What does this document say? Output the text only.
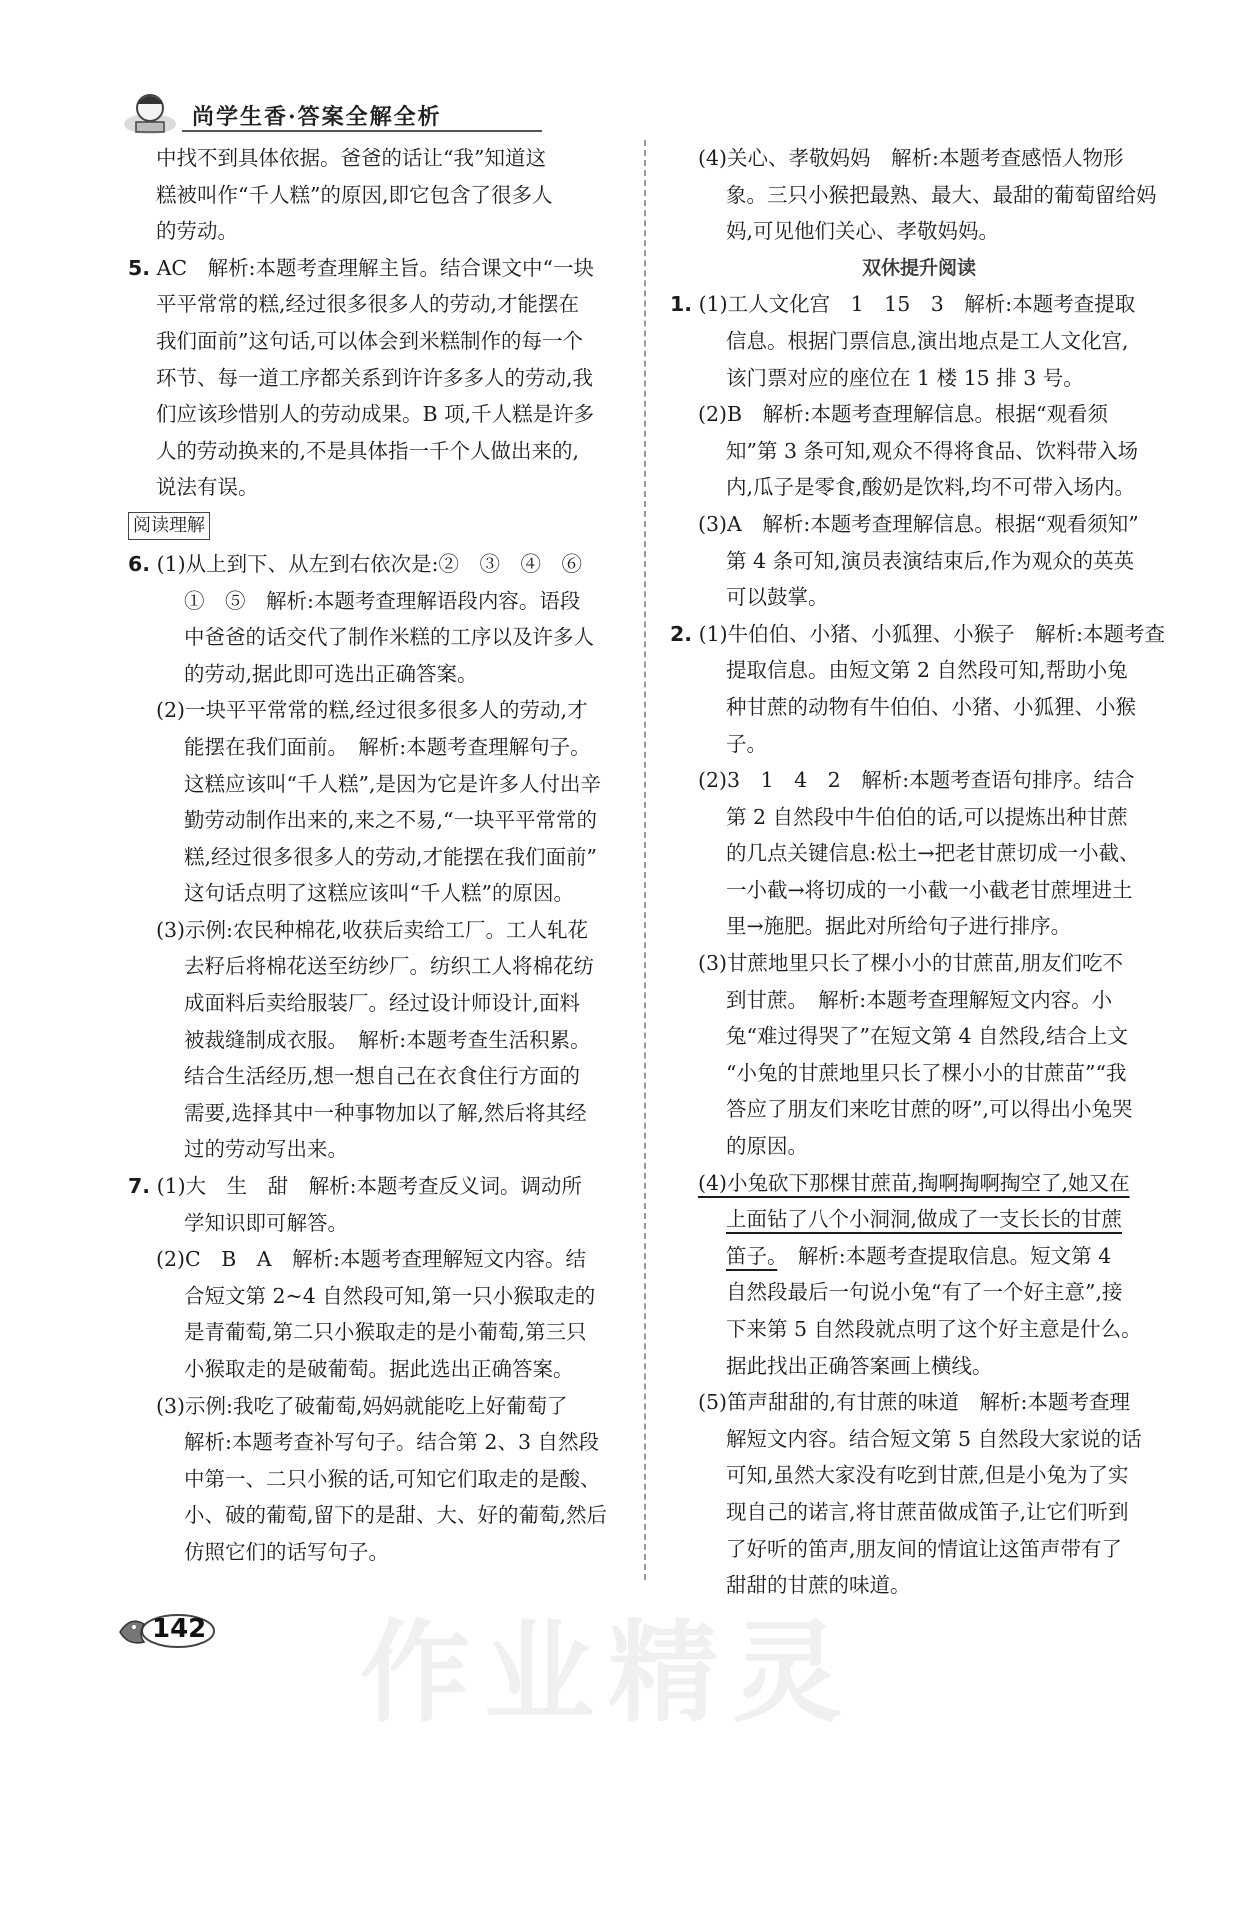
尚学生香·答案全解全析
中找不到具体依据。爸爸的话让“我”知道这
糕被叫作“千人糕”的原因,即它包含了很多人
的劳动。
5. AC　解析:本题考查理解主旨。结合课文中“一块
平平常常的糕,经过很多很多人的劳动,才能摆在
我们面前”这句话,可以体会到米糕制作的每一个
环节、每一道工序都关系到许许多多人的劳动,我
们应该珍惜别人的劳动成果。B 项,千人糕是许多
人的劳动换来的,不是具体指一千个人做出来的,
说法有误。
阅读理解
6. (1)从上到下、从左到右依次是:②　③　④　⑥
①　⑤　解析:本题考查理解语段内容。语段
中爸爸的话交代了制作米糕的工序以及许多人
的劳动,据此即可选出正确答案。
(2)一块平平常常的糕,经过很多很多人的劳动,才
能摆在我们面前。　解析:本题考查理解句子。
这糕应该叫“千人糕”,是因为它是许多人付出辛
勤劳动制作出来的,来之不易,“一块平平常常的
糕,经过很多很多人的劳动,才能摆在我们面前”
这句话点明了这糕应该叫“千人糕”的原因。
(3)示例:农民种棉花,收获后卖给工厂。工人轧花
去籽后将棉花送至纺纱厂。纺织工人将棉花纺
成面料后卖给服装厂。经过设计师设计,面料
被裁缝制成衣服。　解析:本题考查生活积累。
结合生活经历,想一想自己在衣食住行方面的
需要,选择其中一种事物加以了解,然后将其经
过的劳动写出来。
7. (1)大　生　甜　解析:本题考查反义词。调动所
学知识即可解答。
(2)C　B　A　解析:本题考查理解短文内容。结
合短文第 2~4 自然段可知,第一只小猴取走的
是青葡萄,第二只小猴取走的是小葡萄,第三只
小猴取走的是破葡萄。据此选出正确答案。
(3)示例:我吃了破葡萄,妈妈就能吃上好葡萄了
解析:本题考查补写句子。结合第 2、3 自然段
中第一、二只小猴的话,可知它们取走的是酸、
小、破的葡萄,留下的是甜、大、好的葡萄,然后
仿照它们的话写句子。
(4)关心、孝敬妈妈　解析:本题考查感悟人物形
象。三只小猴把最熟、最大、最甜的葡萄留给妈
妈,可见他们关心、孝敬妈妈。
双休提升阅读
1. (1)工人文化宫　1　15　3　解析:本题考查提取
信息。根据门票信息,演出地点是工人文化宫,
该门票对应的座位在 1 楼 15 排 3 号。
(2)B　解析:本题考查理解信息。根据“观看须
知”第 3 条可知,观众不得将食品、饮料带入场
内,瓜子是零食,酸奶是饮料,均不可带入场内。
(3)A　解析:本题考查理解信息。根据“观看须知”
第 4 条可知,演员表演结束后,作为观众的英英
可以鼓掌。
2. (1)牛伯伯、小猪、小狐狸、小猴子　解析:本题考查
提取信息。由短文第 2 自然段可知,帮助小兔
种甘蔗的动物有牛伯伯、小猪、小狐狸、小猴子。
(2)3　1　4　2　解析:本题考查语句排序。结合
第 2 自然段中牛伯伯的话,可以提炼出种甘蔗
的几点关键信息:松土→把老甘蔗切成一小截、
一小截→将切成的一小截一小截老甘蔗埋进土
里→施肥。据此对所给句子进行排序。
(3)甘蔗地里只长了棵小小的甘蔗苗,朋友们吃不
到甘蔗。　解析:本题考查理解短文内容。小
兔“难过得哭了”在短文第 4 自然段,结合上文
“小兔的甘蔗地里只长了棵小小的甘蔗苗”“我
答应了朋友们来吃甘蔗的呀”,可以得出小兔哭
的原因。
(4)小兔砍下那棵甘蔗苗,掏啊掏啊掏空了,她又在
上面钻了八个小洞洞,做成了一支长长的甘蔗
笛子。　 解析:本题考查提取信息。短文第 4
自然段最后一句说小兔“有了一个好主意”,接
下来第 5 自然段就点明了这个好主意是什么。
据此找出正确答案画上横线。
(5)笛声甜甜的,有甘蔗的味道　解析:本题考查理
解短文内容。结合短文第 5 自然段大家说的话
可知,虽然大家没有吃到甘蔗,但是小兔为了实
现自己的诺言,将甘蔗苗做成笛子,让它们听到
了好听的笛声,朋友间的情谊让这笛声带有了
甜甜的甘蔗的味道。
142 作业精灵
